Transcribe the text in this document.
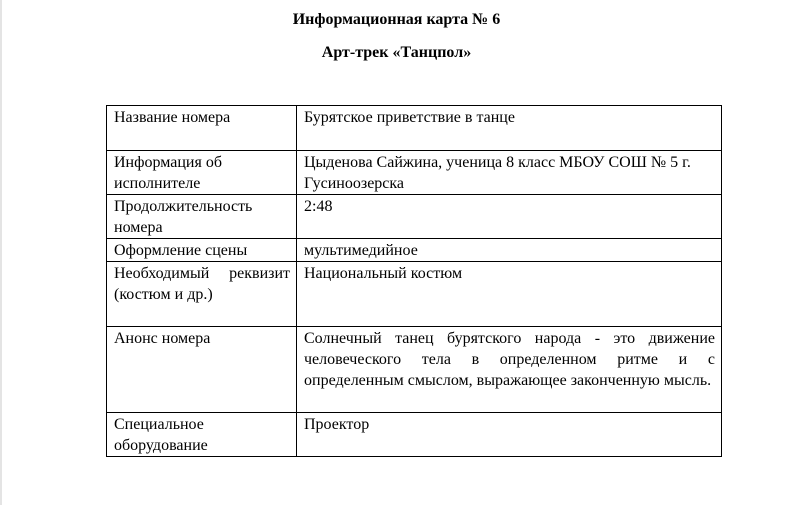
Информационная карта № 6
Арт-трек «Танцпол»
Название номера	Бурятское приветствие в танце
Информация об исполнителе	Цыденова Сайжина, ученица 8 класс МБОУ СОШ № 5 г. Гусиноозерска
Продолжительность номера	2:48
Оформление сцены	мультимедийное
Необходимый реквизит (костюм и др.)	Национальный костюм
Анонс номера	Солнечный танец бурятского народа - это движение человеческого тела в определенном ритме и с определенным смыслом, выражающее законченную мысль.
Специальное оборудование	Проектор
